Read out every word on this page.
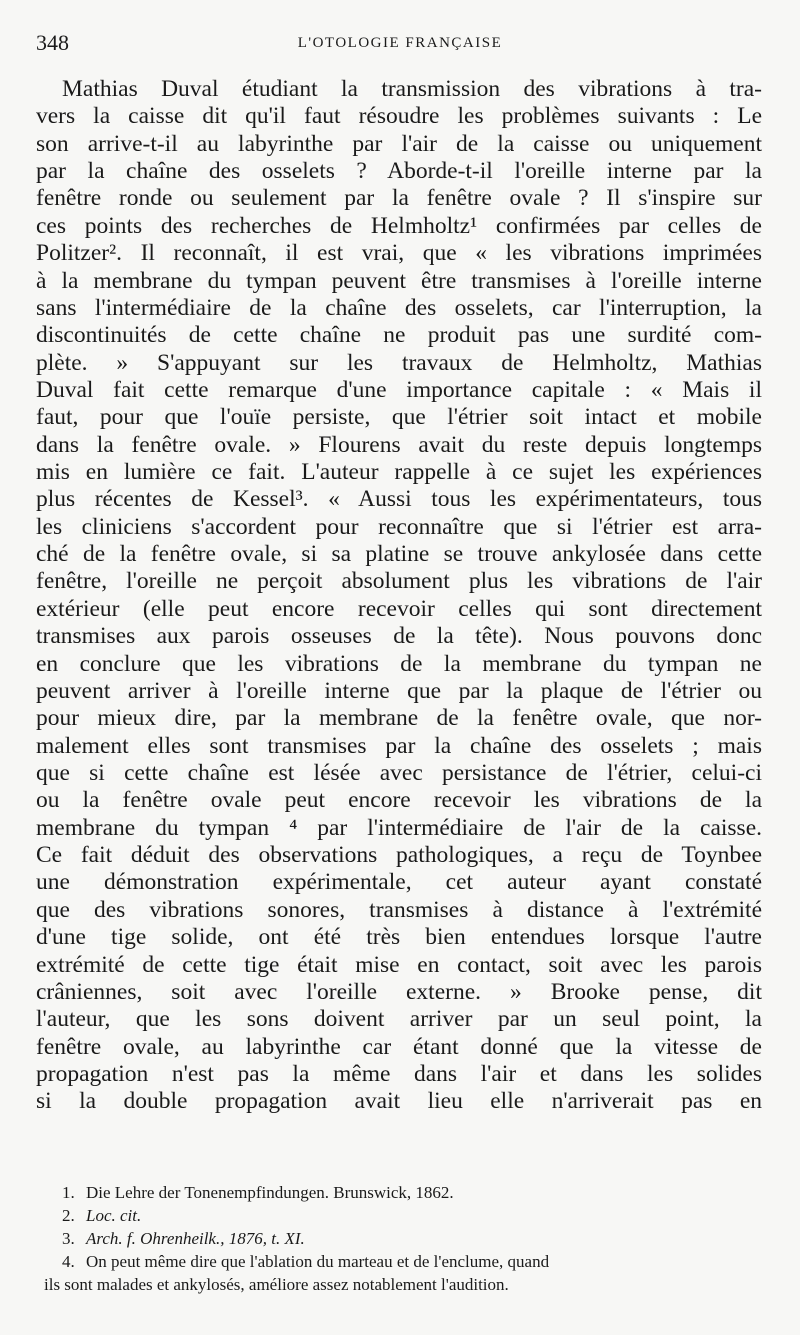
348	L'OTOLOGIE FRANÇAISE
Mathias Duval étudiant la transmission des vibrations à tra-
vers la caisse dit qu'il faut résoudre les problèmes suivants : Le
son arrive-t-il au labyrinthe par l'air de la caisse ou uniquement
par la chaîne des osselets ? Aborde-t-il l'oreille interne par la
fenêtre ronde ou seulement par la fenêtre ovale ? Il s'inspire sur
ces points des recherches de Helmholtz¹ confirmées par celles de
Politzer². Il reconnaît, il est vrai, que « les vibrations imprimées
à la membrane du tympan peuvent être transmises à l'oreille interne
sans l'intermédiaire de la chaîne des osselets, car l'interruption, la
discontinuités de cette chaîne ne produit pas une surdité com-
plète. » S'appuyant sur les travaux de Helmholtz, Mathias
Duval fait cette remarque d'une importance capitale : « Mais il
faut, pour que l'ouïe persiste, que l'étrier soit intact et mobile
dans la fenêtre ovale. » Flourens avait du reste depuis longtemps
mis en lumière ce fait. L'auteur rappelle à ce sujet les expériences
plus récentes de Kessel³. « Aussi tous les expérimentateurs, tous
les cliniciens s'accordent pour reconnaître que si l'étrier est arra-
ché de la fenêtre ovale, si sa platine se trouve ankylosée dans cette
fenêtre, l'oreille ne perçoit absolument plus les vibrations de l'air
extérieur (elle peut encore recevoir celles qui sont directement
transmises aux parois osseuses de la tête). Nous pouvons donc
en conclure que les vibrations de la membrane du tympan ne
peuvent arriver à l'oreille interne que par la plaque de l'étrier ou
pour mieux dire, par la membrane de la fenêtre ovale, que nor-
malement elles sont transmises par la chaîne des osselets ; mais
que si cette chaîne est lésée avec persistance de l'étrier, celui-ci
ou la fenêtre ovale peut encore recevoir les vibrations de la
membrane du tympan ⁴ par l'intermédiaire de l'air de la caisse.
Ce fait déduit des observations pathologiques, a reçu de Toynbee
une démonstration expérimentale, cet auteur ayant constaté
que des vibrations sonores, transmises à distance à l'extrémité
d'une tige solide, ont été très bien entendues lorsque l'autre
extrémité de cette tige était mise en contact, soit avec les parois
crâniennes, soit avec l'oreille externe. » Brooke pense, dit
l'auteur, que les sons doivent arriver par un seul point, la
fenêtre ovale, au labyrinthe car étant donné que la vitesse de
propagation n'est pas la même dans l'air et dans les solides
si la double propagation avait lieu elle n'arriverait pas en
1. Die Lehre der Tonenempfindungen. Brunswick, 1862.
2. Loc. cit.
3. Arch. f. Ohrenheilk., 1876, t. XI.
4. On peut même dire que l'ablation du marteau et de l'enclume, quand
ils sont malades et ankylosés, améliore assez notablement l'audition.
